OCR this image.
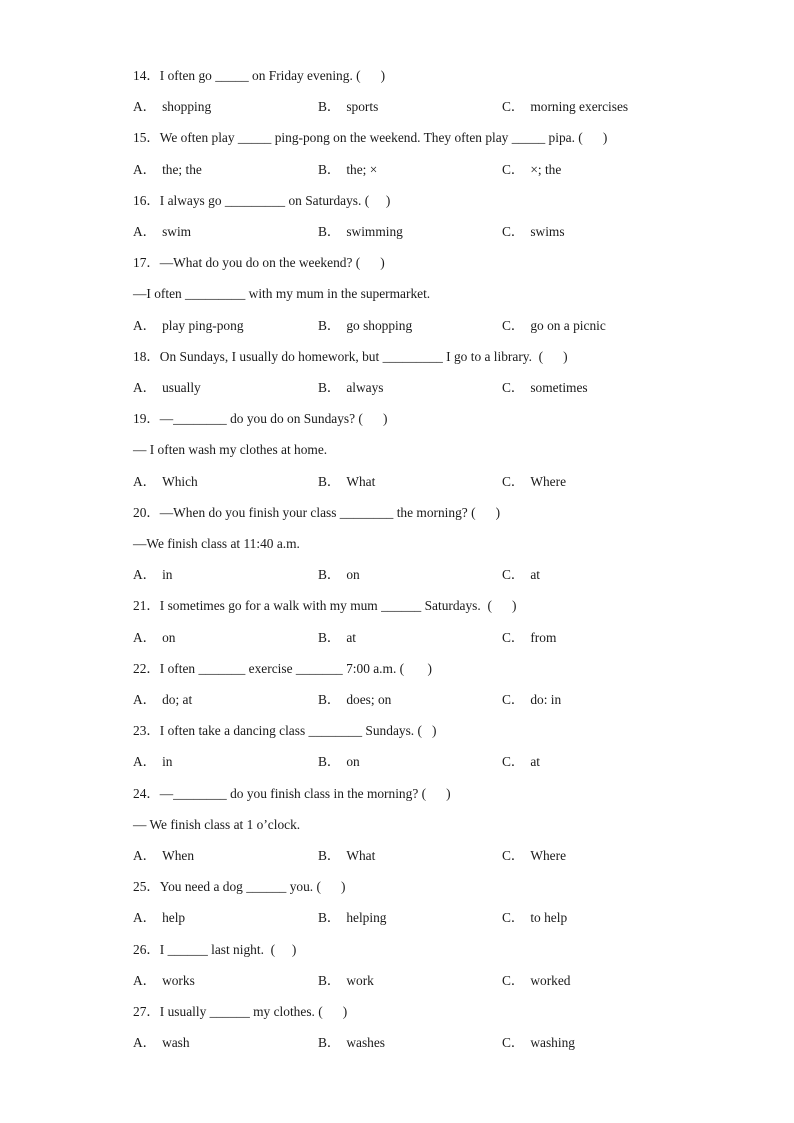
14．I often go _____ on Friday evening. (      )
A． shopping	B． sports	C． morning exercises
15．We often play _____ ping-pong on the weekend. They often play _____ pipa. (      )
A． the; the	B． the; ×	C． ×; the
16．I always go _________ on Saturdays. (     )
A． swim	B． swimming	C． swims
17．—What do you do on the weekend? (      )
—I often _________ with my mum in the supermarket.
A． play ping-pong	B． go shopping	C． go on a picnic
18．On Sundays, I usually do homework, but _________ I go to a library.  (      )
A． usually	B． always	C． sometimes
19．—________ do you do on Sundays? (      )
— I often wash my clothes at home.
A． Which	B． What	C． Where
20．—When do you finish your class ________ the morning? (      )
—We finish class at 11:40 a.m.
A． in	B． on	C． at
21．I sometimes go for a walk with my mum ______ Saturdays.  (      )
A． on	B． at	C． from
22．I often _______ exercise _______ 7:00 a.m. (       )
A． do; at	B． does; on	C． do: in
23．I often take a dancing class ________ Sundays. (   )
A． in	B． on	C． at
24．—________ do you finish class in the morning? (      )
— We finish class at 1 o’clock.
A． When	B． What	C． Where
25．You need a dog ______ you. (      )
A． help	B． helping	C． to help
26．I ______ last night.  (     )
A． works	B． work	C． worked
27．I usually ______ my clothes. (      )
A． wash	B． washes	C． washing
